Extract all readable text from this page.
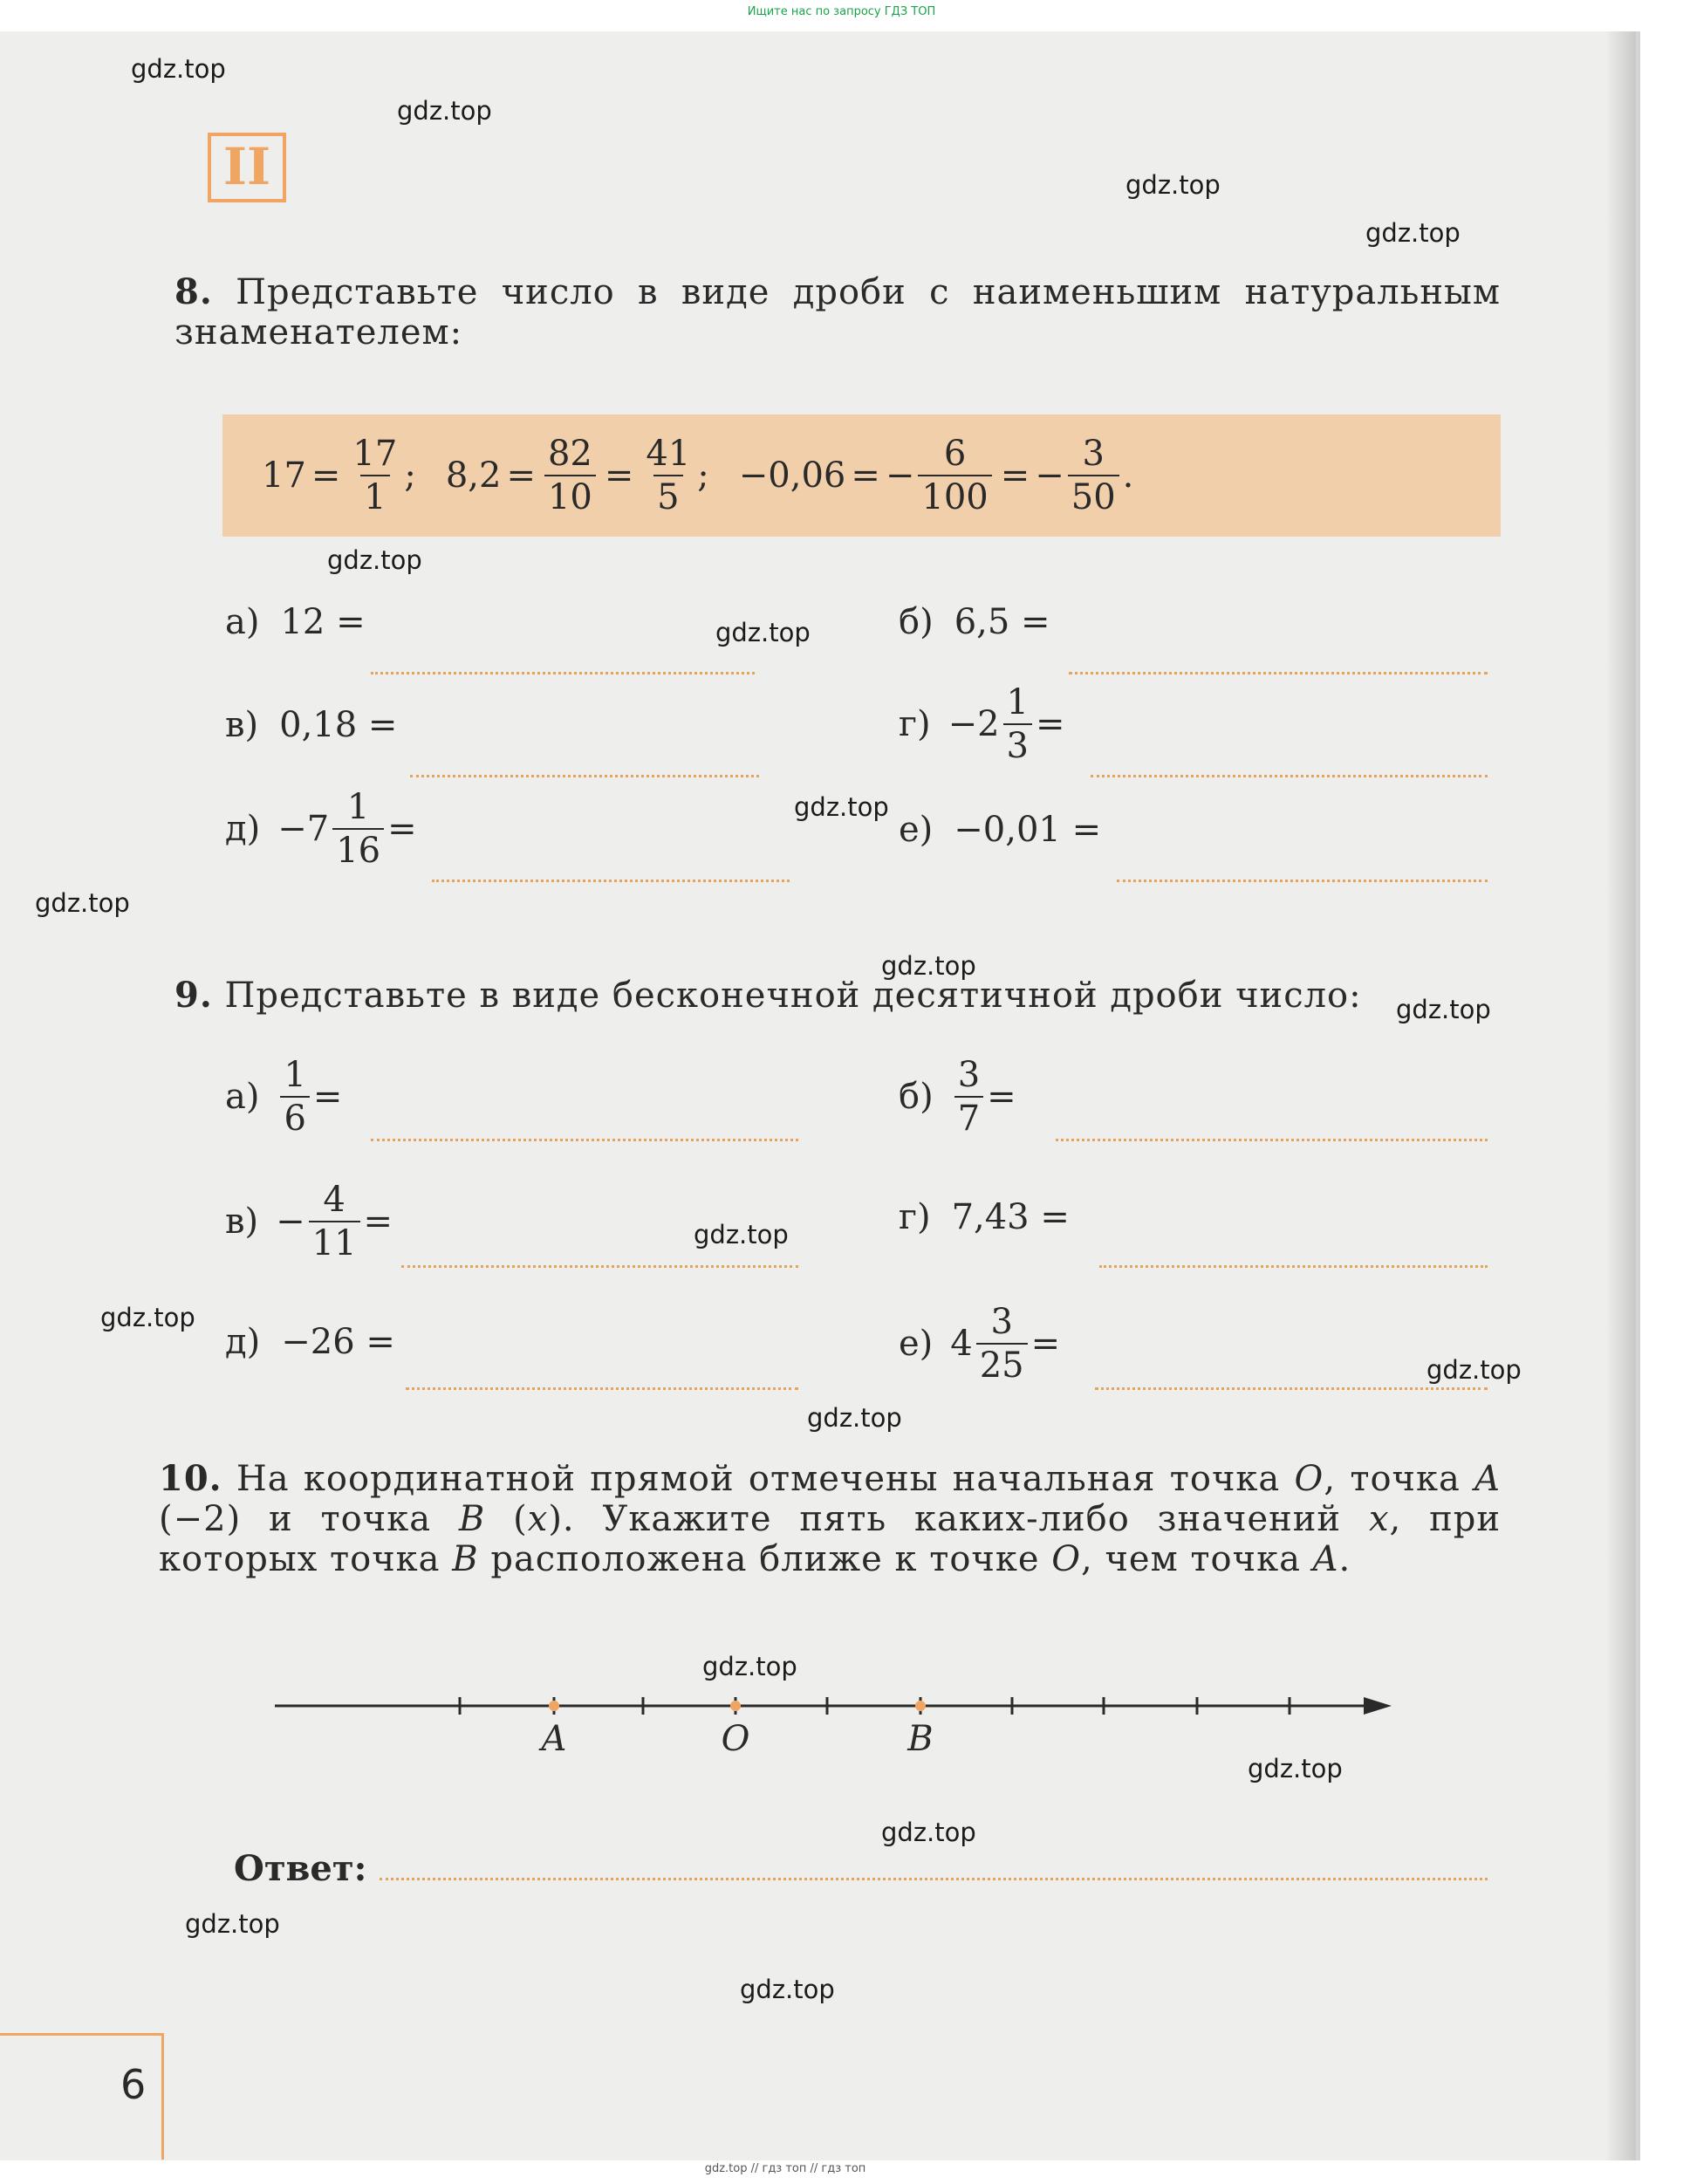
Ищите нас по запросу ГДЗ ТОП
II
gdz.top
gdz.top
gdz.top
gdz.top
gdz.top
gdz.top
gdz.top
gdz.top
gdz.top
gdz.top
gdz.top
gdz.top
gdz.top
gdz.top
gdz.top
gdz.top
gdz.top
gdz.top
gdz.top
8. Представьте число в виде дроби с наименьшим натуральным знаменателем:
$17 = \frac{17}{1}$ ; $8,2 = \frac{82}{10} = \frac{41}{5}$ ; −0,06 = − $\frac{6}{100}$ = − $\frac{3}{50}$ .
а) 12 =	б) 6,5 =
в) 0,18 =	$г) -2 \frac{1}{3}$ =
$д) -7 \frac{1}{16}$ =	е) −0,01 =
9. Представьте в виде бесконечной десятичной дроби число:
$а) \frac{1}{6}$ =	$б) \frac{3}{7}$ =
$в) - \frac{4}{11}$ =	г) 7,43 =
д) −26 =	е) $4 \frac{3}{25}$ =
10. На координатной прямой отмечены начальная точка O, точка A (−2) и точка B (x). Укажите пять каких-либо значений x, при которых точка B расположена ближе к точке O, чем точка A.
A	O	B
Ответ:
6
gdz.top // гдз топ // гдз топ
